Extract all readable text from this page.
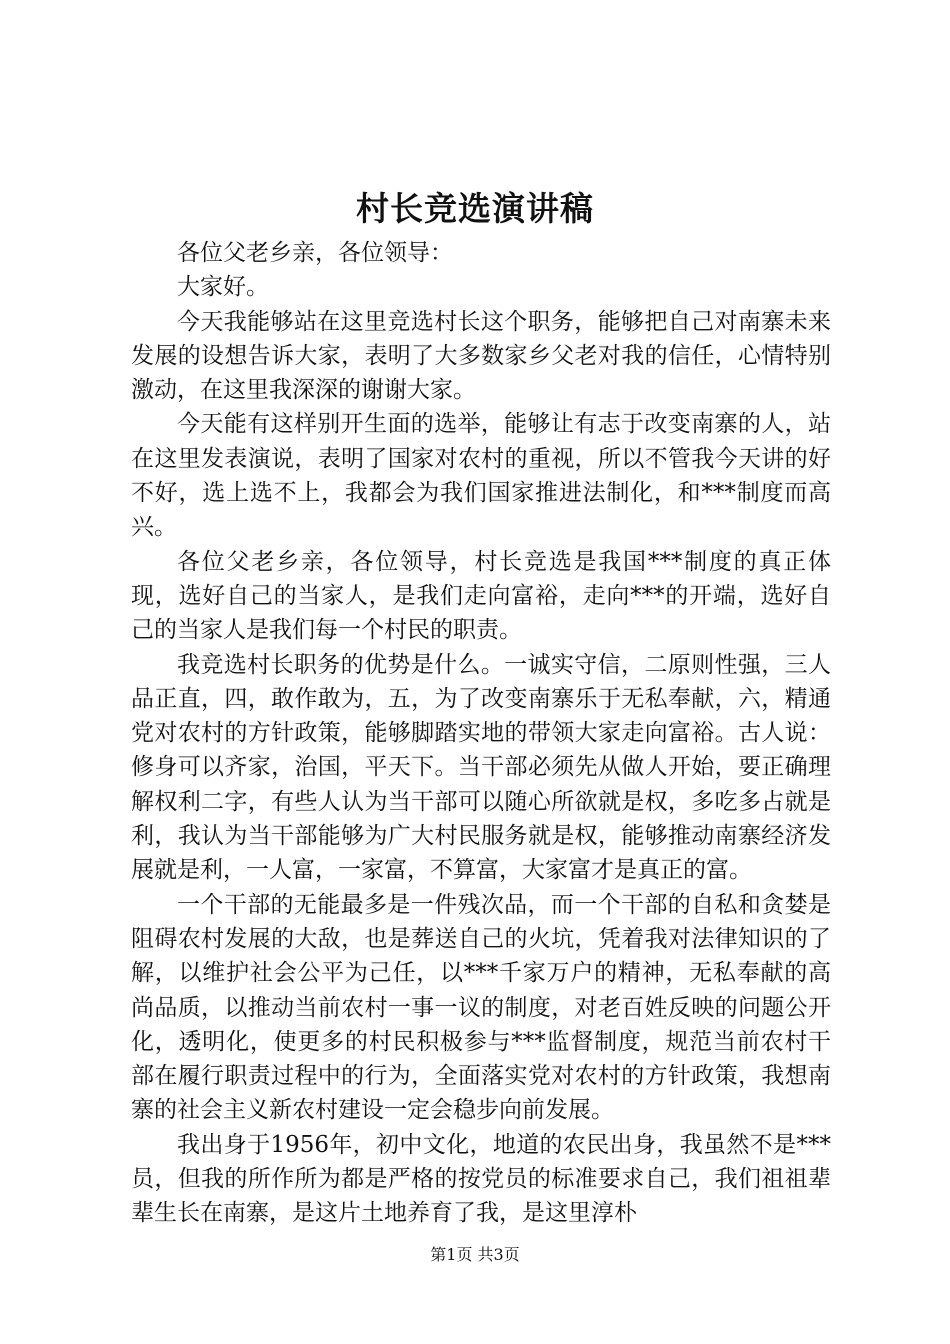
村长竞选演讲稿

各位父老乡亲，各位领导：

大家好。

今天我能够站在这里竞选村长这个职务，能够把自己对南寨未来发展的设想告诉大家，表明了大多数家乡父老对我的信任，心情特别激动，在这里我深深的谢谢大家。

今天能有这样别开生面的选举，能够让有志于改变南寨的人，站在这里发表演说，表明了国家对农村的重视，所以不管我今天讲的好不好，选上选不上，我都会为我们国家推进法制化，和***制度而高兴。

各位父老乡亲，各位领导，村长竞选是我国***制度的真正体现，选好自己的当家人，是我们走向富裕，走向***的开端，选好自己的当家人是我们每一个村民的职责。

我竞选村长职务的优势是什么。一诚实守信，二原则性强，三人品正直，四，敢作敢为，五，为了改变南寨乐于无私奉献，六，精通党对农村的方针政策，能够脚踏实地的带领大家走向富裕。古人说：修身可以齐家，治国，平天下。当干部必须先从做人开始，要正确理解权利二字，有些人认为当干部可以随心所欲就是权，多吃多占就是利，我认为当干部能够为广大村民服务就是权，能够推动南寨经济发展就是利，一人富，一家富，不算富，大家富才是真正的富。

一个干部的无能最多是一件残次品，而一个干部的自私和贪婪是阻碍农村发展的大敌，也是葬送自己的火坑，凭着我对法律知识的了解，以维护社会公平为己任，以***千家万户的精神，无私奉献的高尚品质，以推动当前农村一事一议的制度，对老百姓反映的问题公开化，透明化，使更多的村民积极参与***监督制度，规范当前农村干部在履行职责过程中的行为，全面落实党对农村的方针政策，我想南寨的社会主义新农村建设一定会稳步向前发展。

我出身于1956年，初中文化，地道的农民出身，我虽然不是***员，但我的所作所为都是严格的按党员的标准要求自己，我们祖祖辈辈生长在南寨，是这片土地养育了我，是这里淳朴

第1页 共3页
